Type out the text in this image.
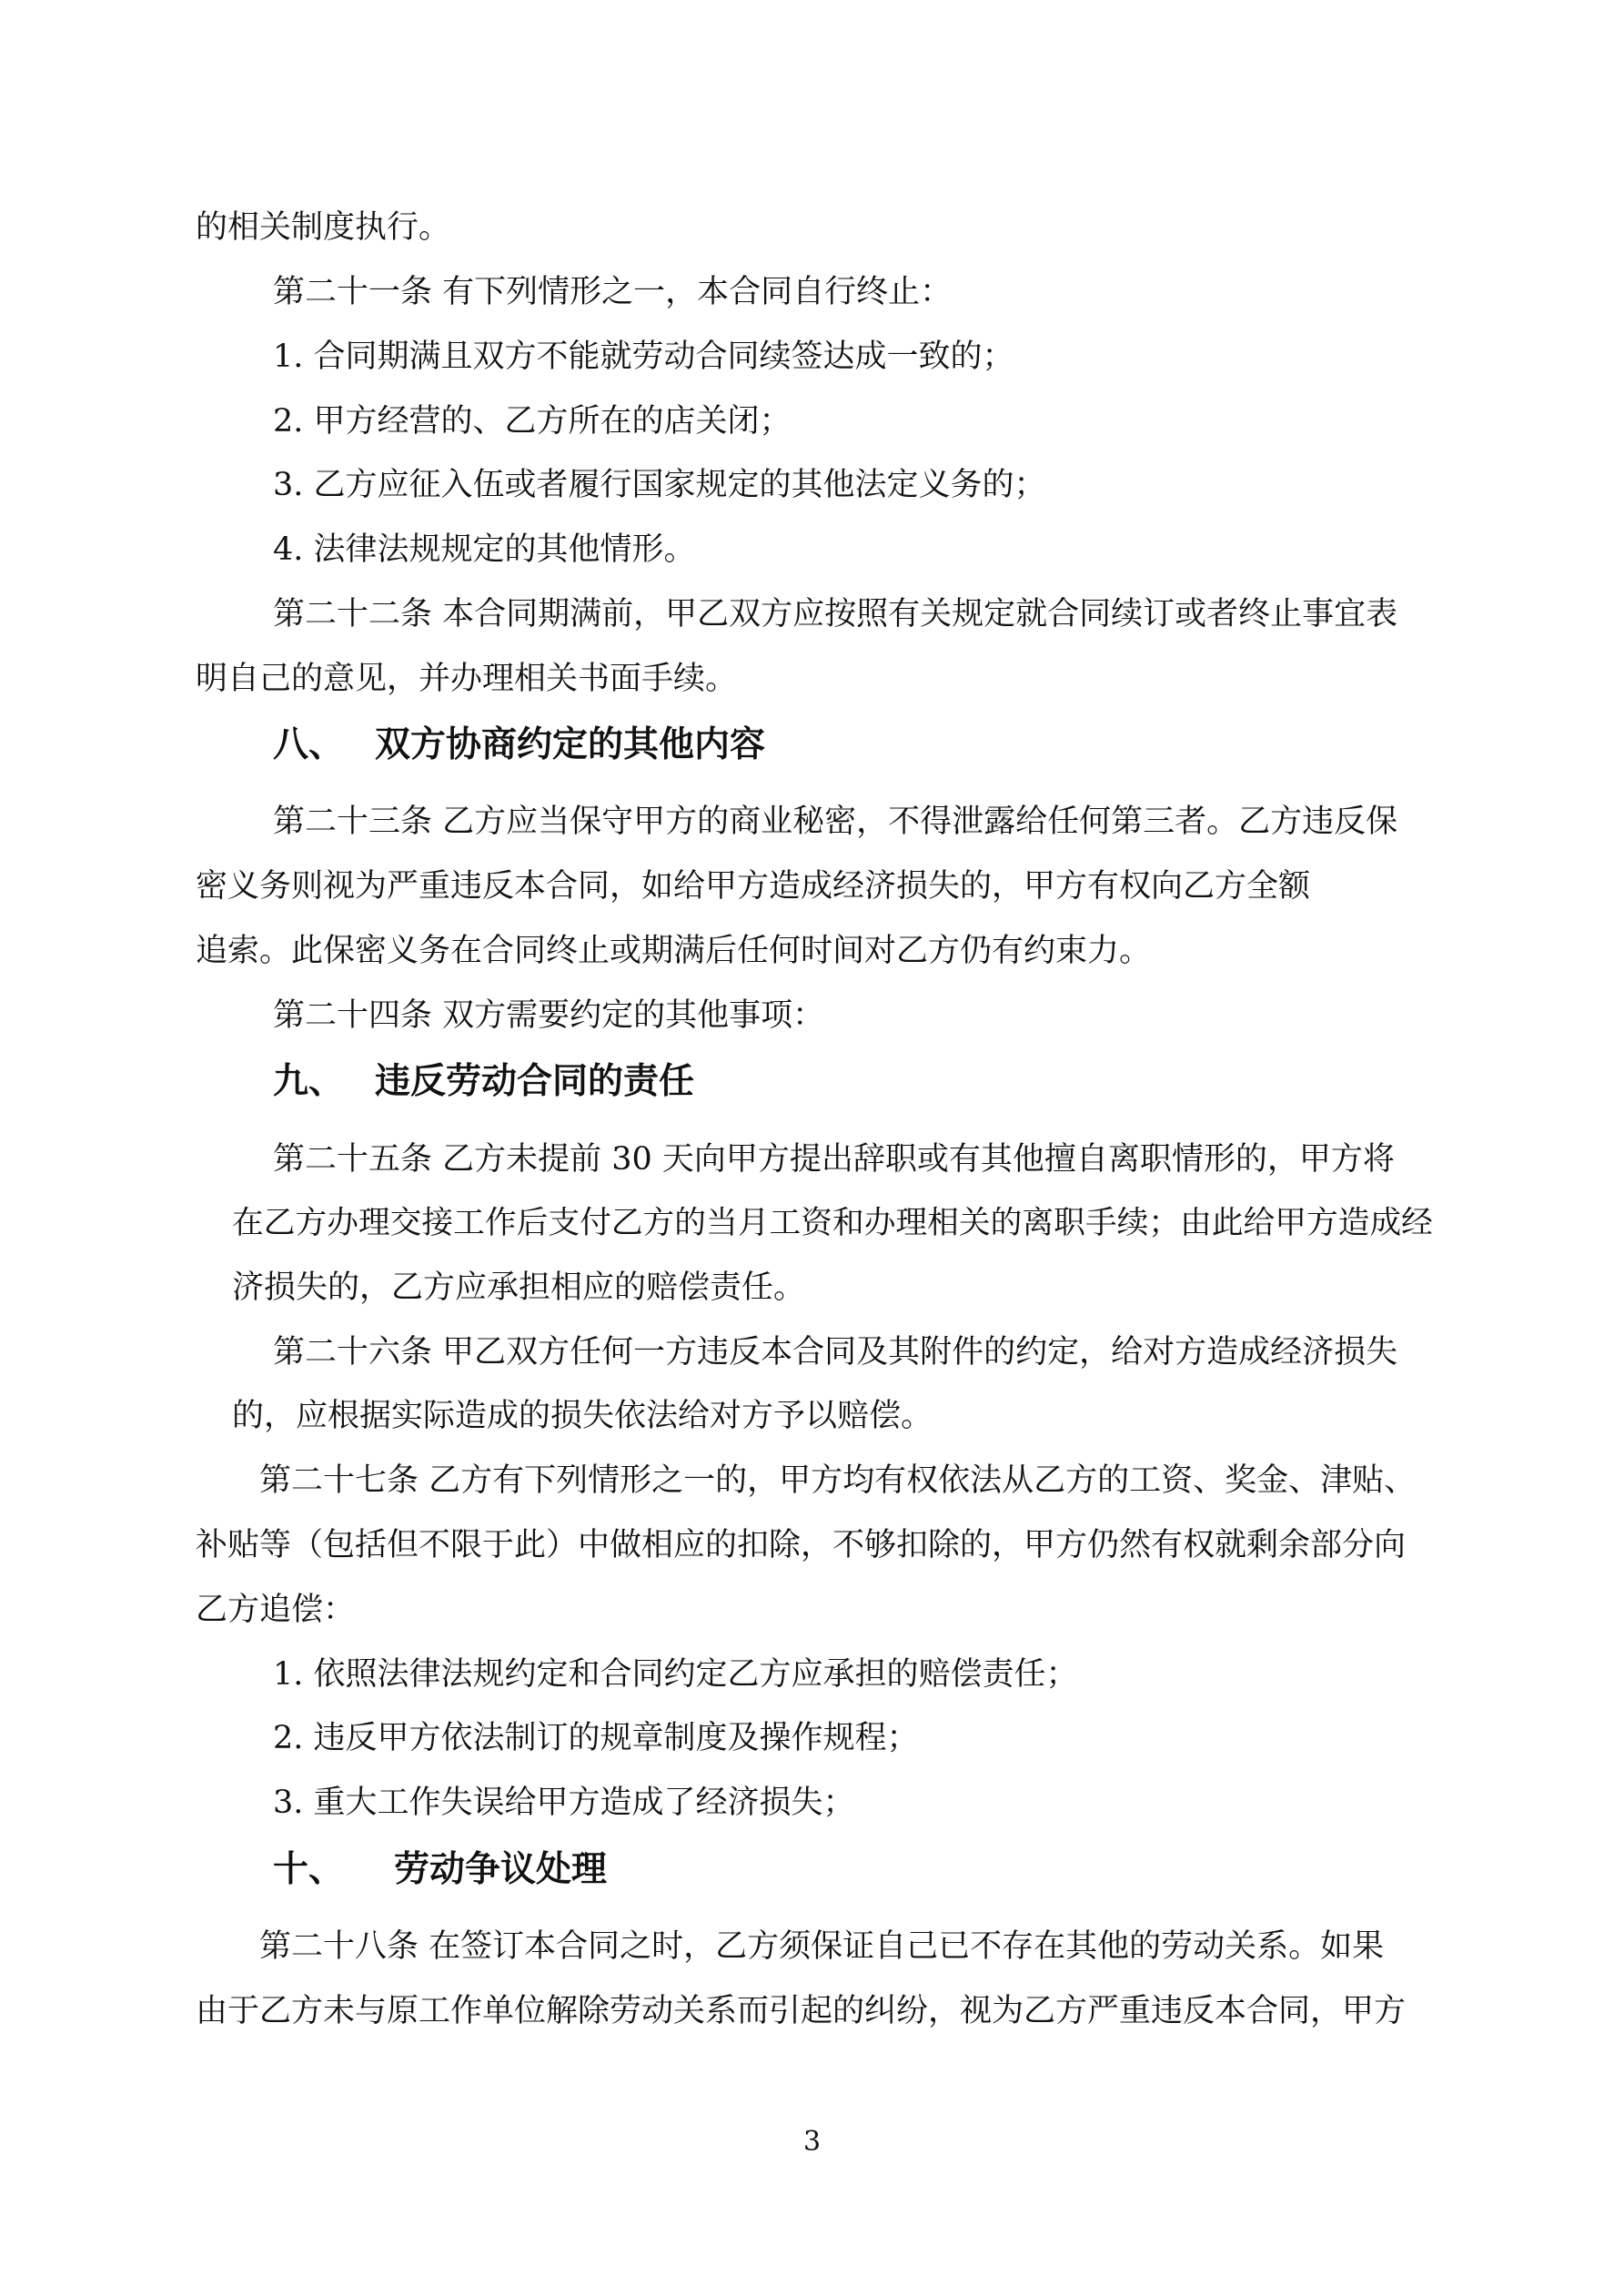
的相关制度执行。
第二十一条 有下列情形之一，本合同自行终止：
1. 合同期满且双方不能就劳动合同续签达成一致的；
2. 甲方经营的、乙方所在的店关闭；
3. 乙方应征入伍或者履行国家规定的其他法定义务的；
4. 法律法规规定的其他情形。
第二十二条 本合同期满前，甲乙双方应按照有关规定就合同续订或者终止事宜表
明自己的意见，并办理相关书面手续。
八、 双方协商约定的其他内容
第二十三条 乙方应当保守甲方的商业秘密，不得泄露给任何第三者。乙方违反保
密义务则视为严重违反本合同，如给甲方造成经济损失的，甲方有权向乙方全额
追索。此保密义务在合同终止或期满后任何时间对乙方仍有约束力。
第二十四条 双方需要约定的其他事项：
九、 违反劳动合同的责任
第二十五条 乙方未提前 30 天向甲方提出辞职或有其他擅自离职情形的，甲方将
在乙方办理交接工作后支付乙方的当月工资和办理相关的离职手续；由此给甲方造成经
济损失的，乙方应承担相应的赔偿责任。
第二十六条 甲乙双方任何一方违反本合同及其附件的约定，给对方造成经济损失
的，应根据实际造成的损失依法给对方予以赔偿。
第二十七条 乙方有下列情形之一的，甲方均有权依法从乙方的工资、奖金、津贴、
补贴等（包括但不限于此）中做相应的扣除，不够扣除的，甲方仍然有权就剩余部分向
乙方追偿：
1. 依照法律法规约定和合同约定乙方应承担的赔偿责任；
2. 违反甲方依法制订的规章制度及操作规程；
3. 重大工作失误给甲方造成了经济损失；
十、 劳动争议处理
第二十八条 在签订本合同之时，乙方须保证自己已不存在其他的劳动关系。如果
由于乙方未与原工作单位解除劳动关系而引起的纠纷，视为乙方严重违反本合同，甲方
3
